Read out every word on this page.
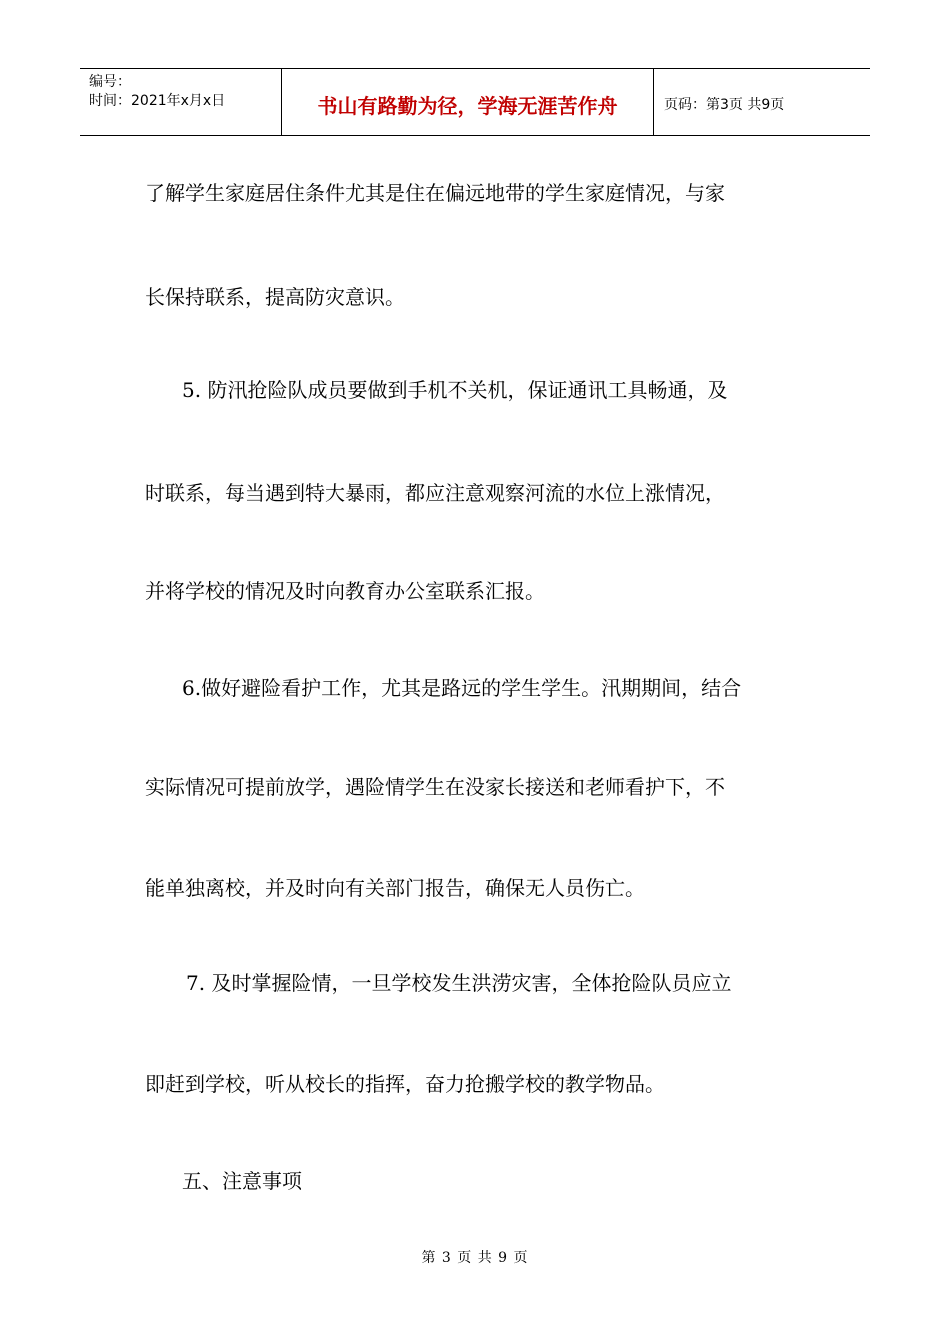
编号：
时间：2021年x月x日	书山有路勤为径，学海无涯苦作舟	页码：第3页 共9页

了解学生家庭居住条件尤其是住在偏远地带的学生家庭情况，与家

长保持联系，提高防灾意识。

5. 防汛抢险队成员要做到手机不关机，保证通讯工具畅通，及

时联系，每当遇到特大暴雨，都应注意观察河流的水位上涨情况，

并将学校的情况及时向教育办公室联系汇报。

6.做好避险看护工作，尤其是路远的学生学生。汛期期间，结合

实际情况可提前放学，遇险情学生在没家长接送和老师看护下，不

能单独离校，并及时向有关部门报告，确保无人员伤亡。

7. 及时掌握险情，一旦学校发生洪涝灾害，全体抢险队员应立

即赶到学校，听从校长的指挥，奋力抢搬学校的教学物品。

五、注意事项

第 3 页 共 9 页
